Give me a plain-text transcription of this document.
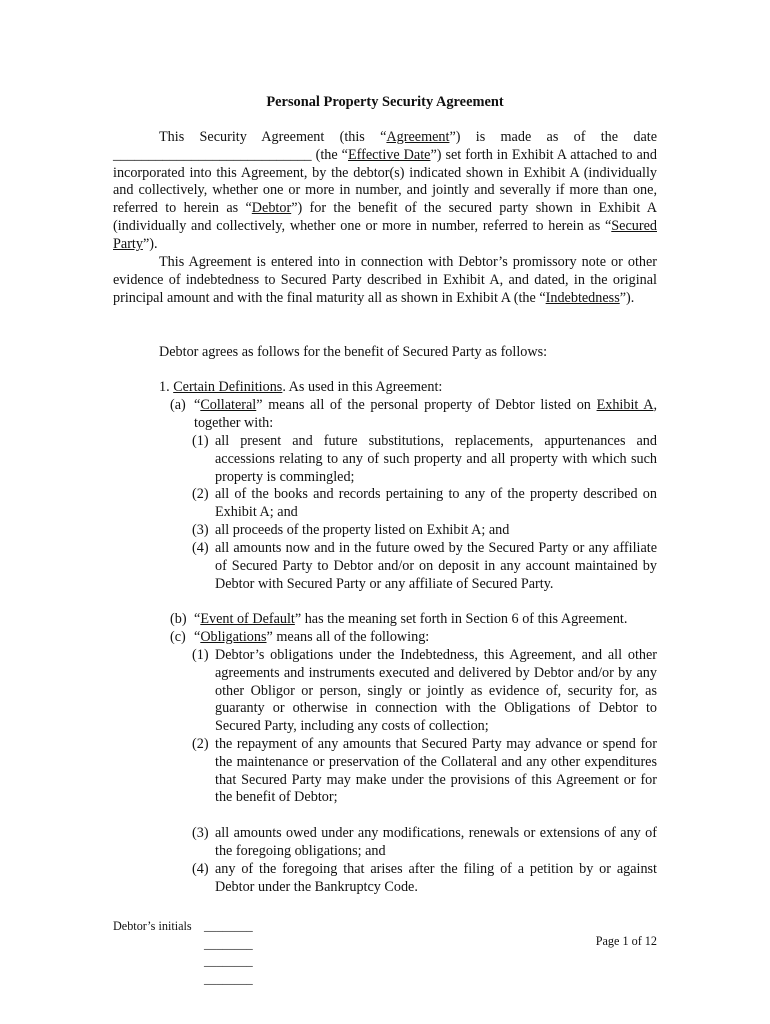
Personal Property Security Agreement
This Security Agreement (this “Agreement”) is made as of the date ____________________________ (the “Effective Date”) set forth in Exhibit A attached to and incorporated into this Agreement, by the debtor(s) indicated shown in Exhibit A (individually and collectively, whether one or more in number, and jointly and severally if more than one, referred to herein as “Debtor”) for the benefit of the secured party shown in Exhibit A (individually and collectively, whether one or more in number, referred to herein as “Secured Party”).
This Agreement is entered into in connection with Debtor’s promissory note or other evidence of indebtedness to Secured Party described in Exhibit A, and dated, in the original principal amount and with the final maturity all as shown in Exhibit A (the “Indebtedness”).
Debtor agrees as follows for the benefit of Secured Party as follows:
1. Certain Definitions. As used in this Agreement:
(a) “Collateral” means all of the personal property of Debtor listed on Exhibit A, together with:
(1) all present and future substitutions, replacements, appurtenances and accessions relating to any of such property and all property with which such property is commingled;
(2) all of the books and records pertaining to any of the property described on Exhibit A; and
(3) all proceeds of the property listed on Exhibit A; and
(4) all amounts now and in the future owed by the Secured Party or any affiliate of Secured Party to Debtor and/or on deposit in any account maintained by Debtor with Secured Party or any affiliate of Secured Party.
(b) “Event of Default” has the meaning set forth in Section 6 of this Agreement.
(c) “Obligations” means all of the following:
(1) Debtor’s obligations under the Indebtedness, this Agreement, and all other agreements and instruments executed and delivered by Debtor and/or by any other Obligor or person, singly or jointly as evidence of, security for, as guaranty or otherwise in connection with the Obligations of Debtor to Secured Party, including any costs of collection;
(2) the repayment of any amounts that Secured Party may advance or spend for the maintenance or preservation of the Collateral and any other expenditures that Secured Party may make under the provisions of this Agreement or for the benefit of Debtor;
(3) all amounts owed under any modifications, renewals or extensions of any of the foregoing obligations; and
(4) any of the foregoing that arises after the filing of a petition by or against Debtor under the Bankruptcy Code.
Debtor’s initials ________
________
________
________
Page 1 of 12
